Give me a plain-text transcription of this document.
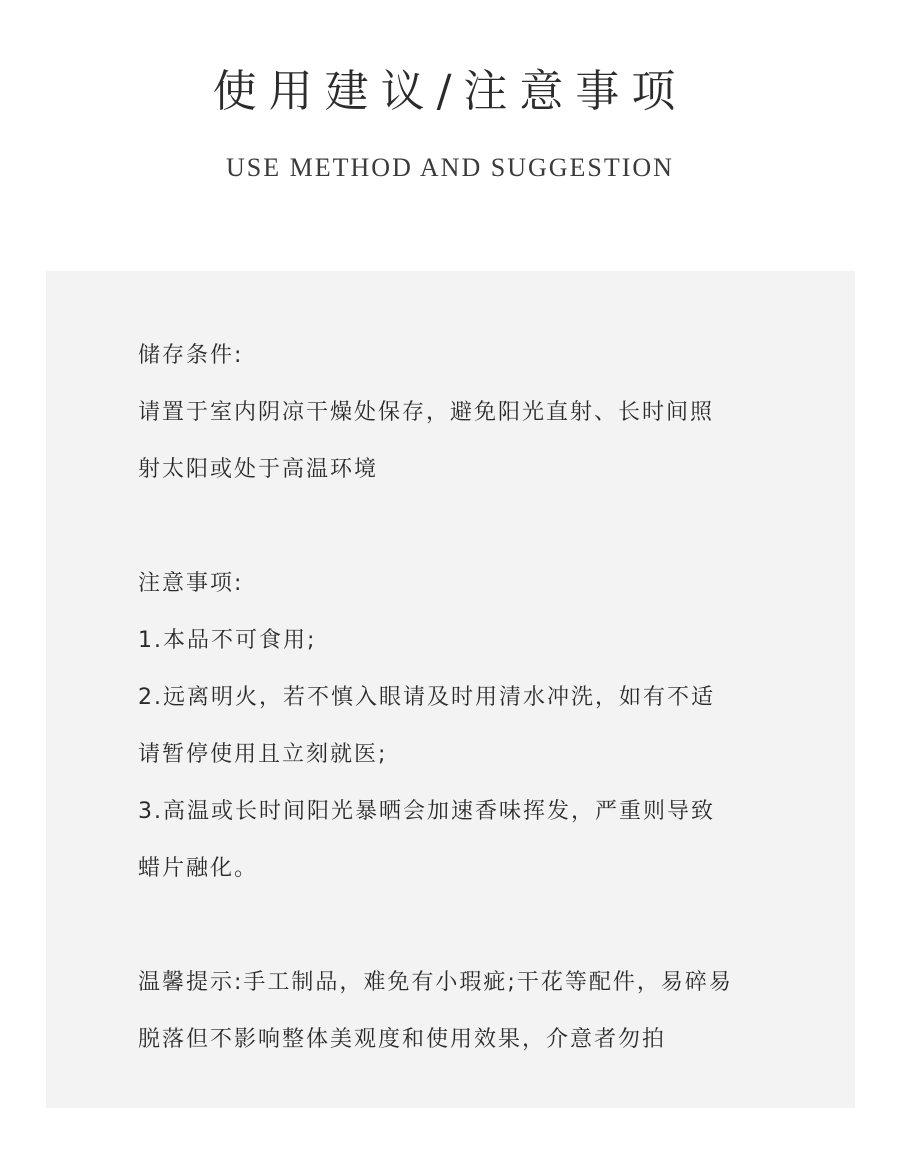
使用建议/注意事项
USE METHOD AND SUGGESTION
储存条件:
请置于室内阴凉干燥处保存，避免阳光直射、长时间照
射太阳或处于高温环境
注意事项:
1.本品不可食用;
2.远离明火，若不慎入眼请及时用清水冲洗，如有不适
请暂停使用且立刻就医;
3.高温或长时间阳光暴晒会加速香味挥发，严重则导致
蜡片融化。
温馨提示:手工制品，难免有小瑕疵;干花等配件，易碎易
脱落但不影响整体美观度和使用效果，介意者勿拍
